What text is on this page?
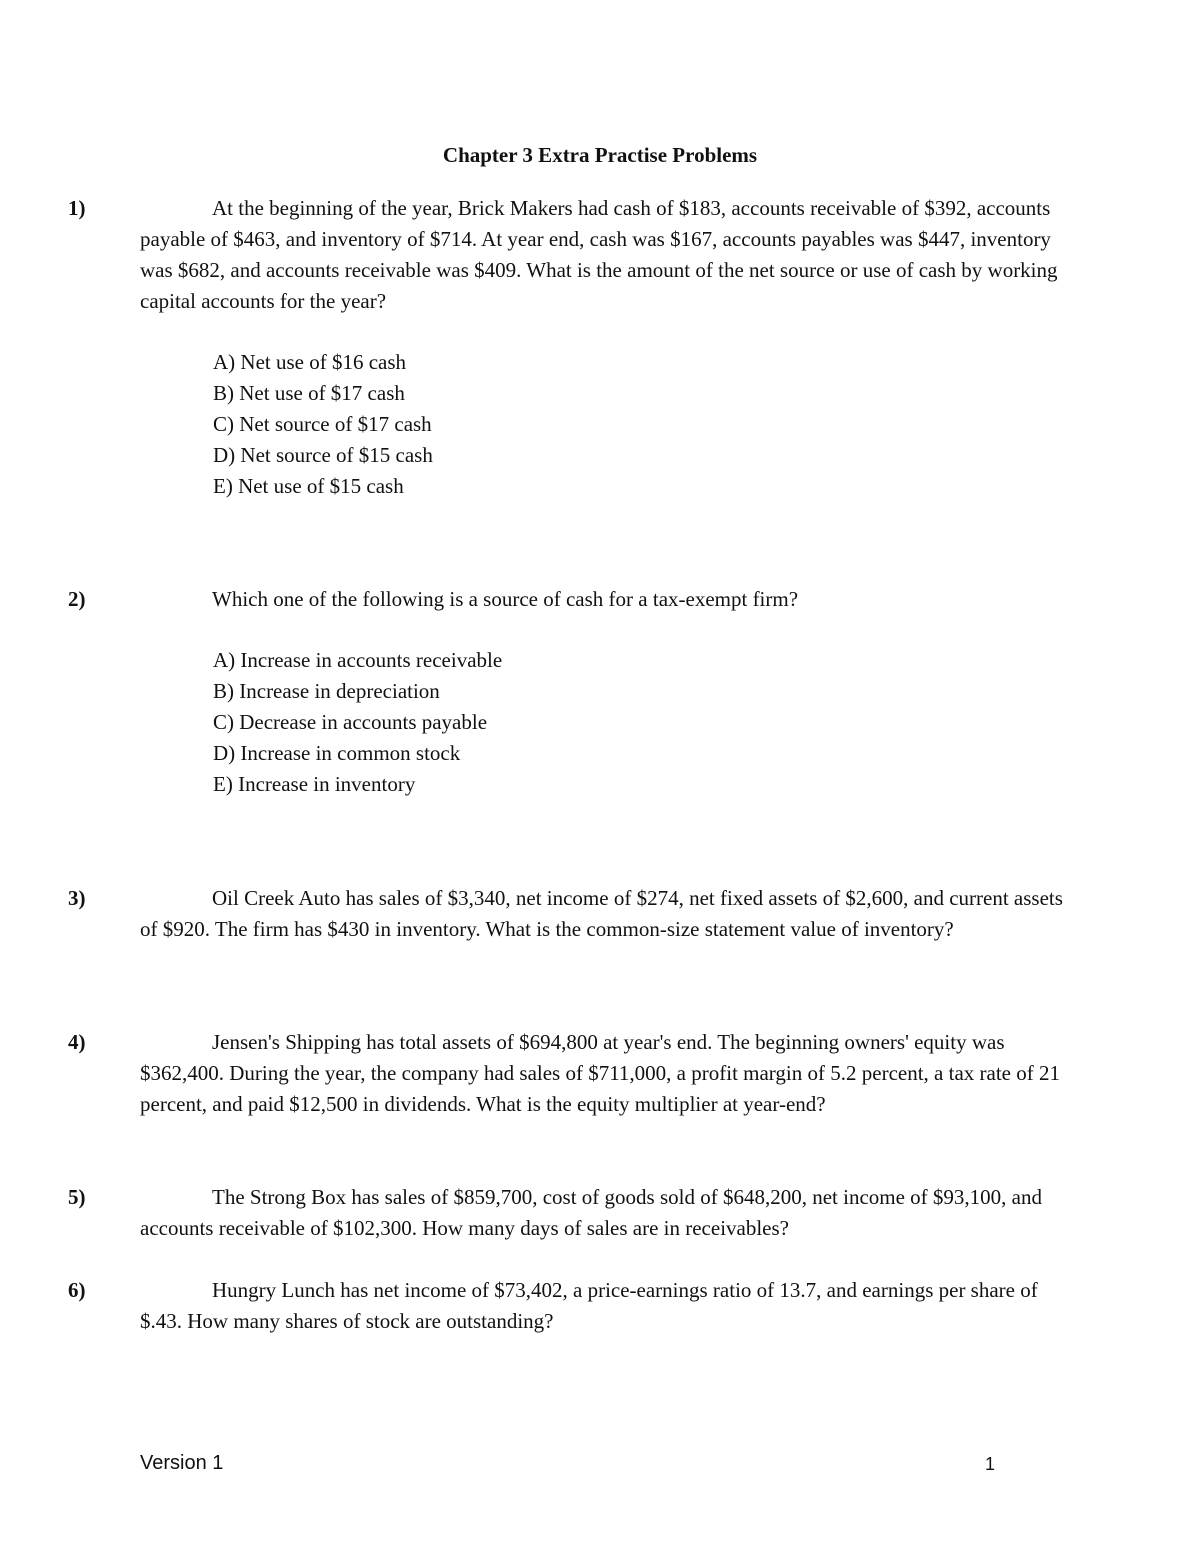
Chapter 3 Extra Practise Problems

1)	At the beginning of the year, Brick Makers had cash of $183, accounts receivable of $392, accounts payable of $463, and inventory of $714. At year end, cash was $167, accounts payables was $447, inventory was $682, and accounts receivable was $409. What is the amount of the net source or use of cash by working capital accounts for the year?

A) Net use of $16 cash
B) Net use of $17 cash
C) Net source of $17 cash
D) Net source of $15 cash
E) Net use of $15 cash

2)	Which one of the following is a source of cash for a tax-exempt firm?

A) Increase in accounts receivable
B) Increase in depreciation
C) Decrease in accounts payable
D) Increase in common stock
E) Increase in inventory

3)	Oil Creek Auto has sales of $3,340, net income of $274, net fixed assets of $2,600, and current assets of $920. The firm has $430 in inventory. What is the common-size statement value of inventory?

4)	Jensen's Shipping has total assets of $694,800 at year's end. The beginning owners' equity was $362,400. During the year, the company had sales of $711,000, a profit margin of 5.2 percent, a tax rate of 21 percent, and paid $12,500 in dividends. What is the equity multiplier at year-end?

5)	The Strong Box has sales of $859,700, cost of goods sold of $648,200, net income of $93,100, and accounts receivable of $102,300. How many days of sales are in receivables?

6)	Hungry Lunch has net income of $73,402, a price-earnings ratio of 13.7, and earnings per share of $.43. How many shares of stock are outstanding?

Version 1	1
